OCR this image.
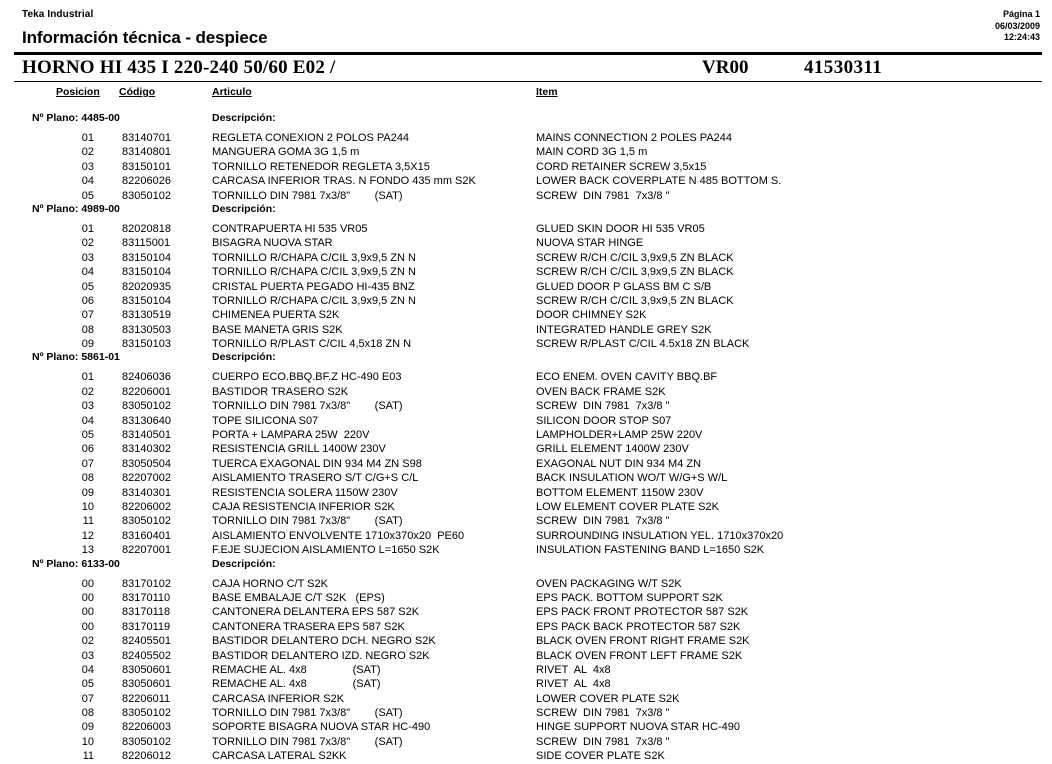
Teka Industrial
Información técnica - despiece
Página 1
06/03/2009
12:24:43
HORNO HI 435 I 220-240 50/60 E02 /	VR00	41530311
Posicion Código	Articulo	Item
Nº Plano: 4485-00	Descripción:
01	83140701	REGLETA CONEXION 2 POLOS PA244	MAINS CONNECTION 2 POLES PA244
02	83140801	MANGUERA GOMA 3G 1,5 m	MAIN CORD 3G 1,5 m
03	83150101	TORNILLO RETENEDOR REGLETA 3,5X15	CORD RETAINER SCREW 3,5x15
04	82206026	CARCASA INFERIOR TRAS. N FONDO 435 mm S2K	LOWER BACK COVERPLATE N 485 BOTTOM S.
05	83050102	TORNILLO DIN 7981 7x3/8"        (SAT)	SCREW  DIN 7981  7x3/8 "
Nº Plano: 4989-00	Descripción:
01	82020818	CONTRAPUERTA HI 535 VR05	GLUED SKIN DOOR HI 535 VR05
02	83115001	BISAGRA NUOVA STAR	NUOVA STAR HINGE
03	83150104	TORNILLO R/CHAPA C/CIL 3,9x9,5 ZN N	SCREW R/CH C/CIL 3,9x9,5 ZN BLACK
04	83150104	TORNILLO R/CHAPA C/CIL 3,9x9,5 ZN N	SCREW R/CH C/CIL 3,9x9,5 ZN BLACK
05	82020935	CRISTAL PUERTA PEGADO HI-435 BNZ	GLUED DOOR P GLASS BM C S/B
06	83150104	TORNILLO R/CHAPA C/CIL 3,9x9,5 ZN N	SCREW R/CH C/CIL 3,9x9,5 ZN BLACK
07	83130519	CHIMENEA PUERTA S2K	DOOR CHIMNEY S2K
08	83130503	BASE MANETA GRIS S2K	INTEGRATED HANDLE GREY S2K
09	83150103	TORNILLO R/PLAST C/CIL 4,5x18 ZN N	SCREW R/PLAST C/CIL 4.5x18 ZN BLACK
Nº Plano: 5861-01	Descripción:
01	82406036	CUERPO ECO.BBQ.BF.Z HC-490 E03	ECO ENEM. OVEN CAVITY BBQ.BF
02	82206001	BASTIDOR TRASERO S2K	OVEN BACK FRAME S2K
03	83050102	TORNILLO DIN 7981 7x3/8"        (SAT)	SCREW  DIN 7981  7x3/8 "
04	83130640	TOPE SILICONA S07	SILICON DOOR STOP S07
05	83140501	PORTA + LAMPARA 25W  220V	LAMPHOLDER+LAMP 25W 220V
06	83140302	RESISTENCIA GRILL 1400W 230V	GRILL ELEMENT 1400W 230V
07	83050504	TUERCA EXAGONAL DIN 934 M4 ZN S98	EXAGONAL NUT DIN 934 M4 ZN
08	82207002	AISLAMIENTO TRASERO S/T C/G+S C/L	BACK INSULATION WO/T W/G+S W/L
09	83140301	RESISTENCIA SOLERA 1150W 230V	BOTTOM ELEMENT 1150W 230V
10	82206002	CAJA RESISTENCIA INFERIOR S2K	LOW ELEMENT COVER PLATE S2K
11	83050102	TORNILLO DIN 7981 7x3/8"        (SAT)	SCREW  DIN 7981  7x3/8 "
12	83160401	AISLAMIENTO ENVOLVENTE 1710x370x20  PE60	SURROUNDING INSULATION YEL. 1710x370x20
13	82207001	F.EJE SUJECION AISLAMIENTO L=1650 S2K	INSULATION FASTENING BAND L=1650 S2K
Nº Plano: 6133-00	Descripción:
00	83170102	CAJA HORNO C/T S2K	OVEN PACKAGING W/T S2K
00	83170110	BASE EMBALAJE C/T S2K   (EPS)	EPS PACK. BOTTOM SUPPORT S2K
00	83170118	CANTONERA DELANTERA EPS 587 S2K	EPS PACK FRONT PROTECTOR 587 S2K
00	83170119	CANTONERA TRASERA EPS 587 S2K	EPS PACK BACK PROTECTOR 587 S2K
02	82405501	BASTIDOR DELANTERO DCH. NEGRO S2K	BLACK OVEN FRONT RIGHT FRAME S2K
03	82405502	BASTIDOR DELANTERO IZD. NEGRO S2K	BLACK OVEN FRONT LEFT FRAME S2K
04	83050601	REMACHE AL. 4x8               (SAT)	RIVET  AL  4x8
05	83050601	REMACHE AL. 4x8               (SAT)	RIVET  AL  4x8
07	82206011	CARCASA INFERIOR S2K	LOWER COVER PLATE S2K
08	83050102	TORNILLO DIN 7981 7x3/8"        (SAT)	SCREW  DIN 7981  7x3/8 "
09	82206003	SOPORTE BISAGRA NUOVA STAR HC-490	HINGE SUPPORT NUOVA STAR HC-490
10	83050102	TORNILLO DIN 7981 7x3/8"        (SAT)	SCREW  DIN 7981  7x3/8 "
11	82206012	CARCASA LATERAL S2KK	SIDE COVER PLATE S2K
